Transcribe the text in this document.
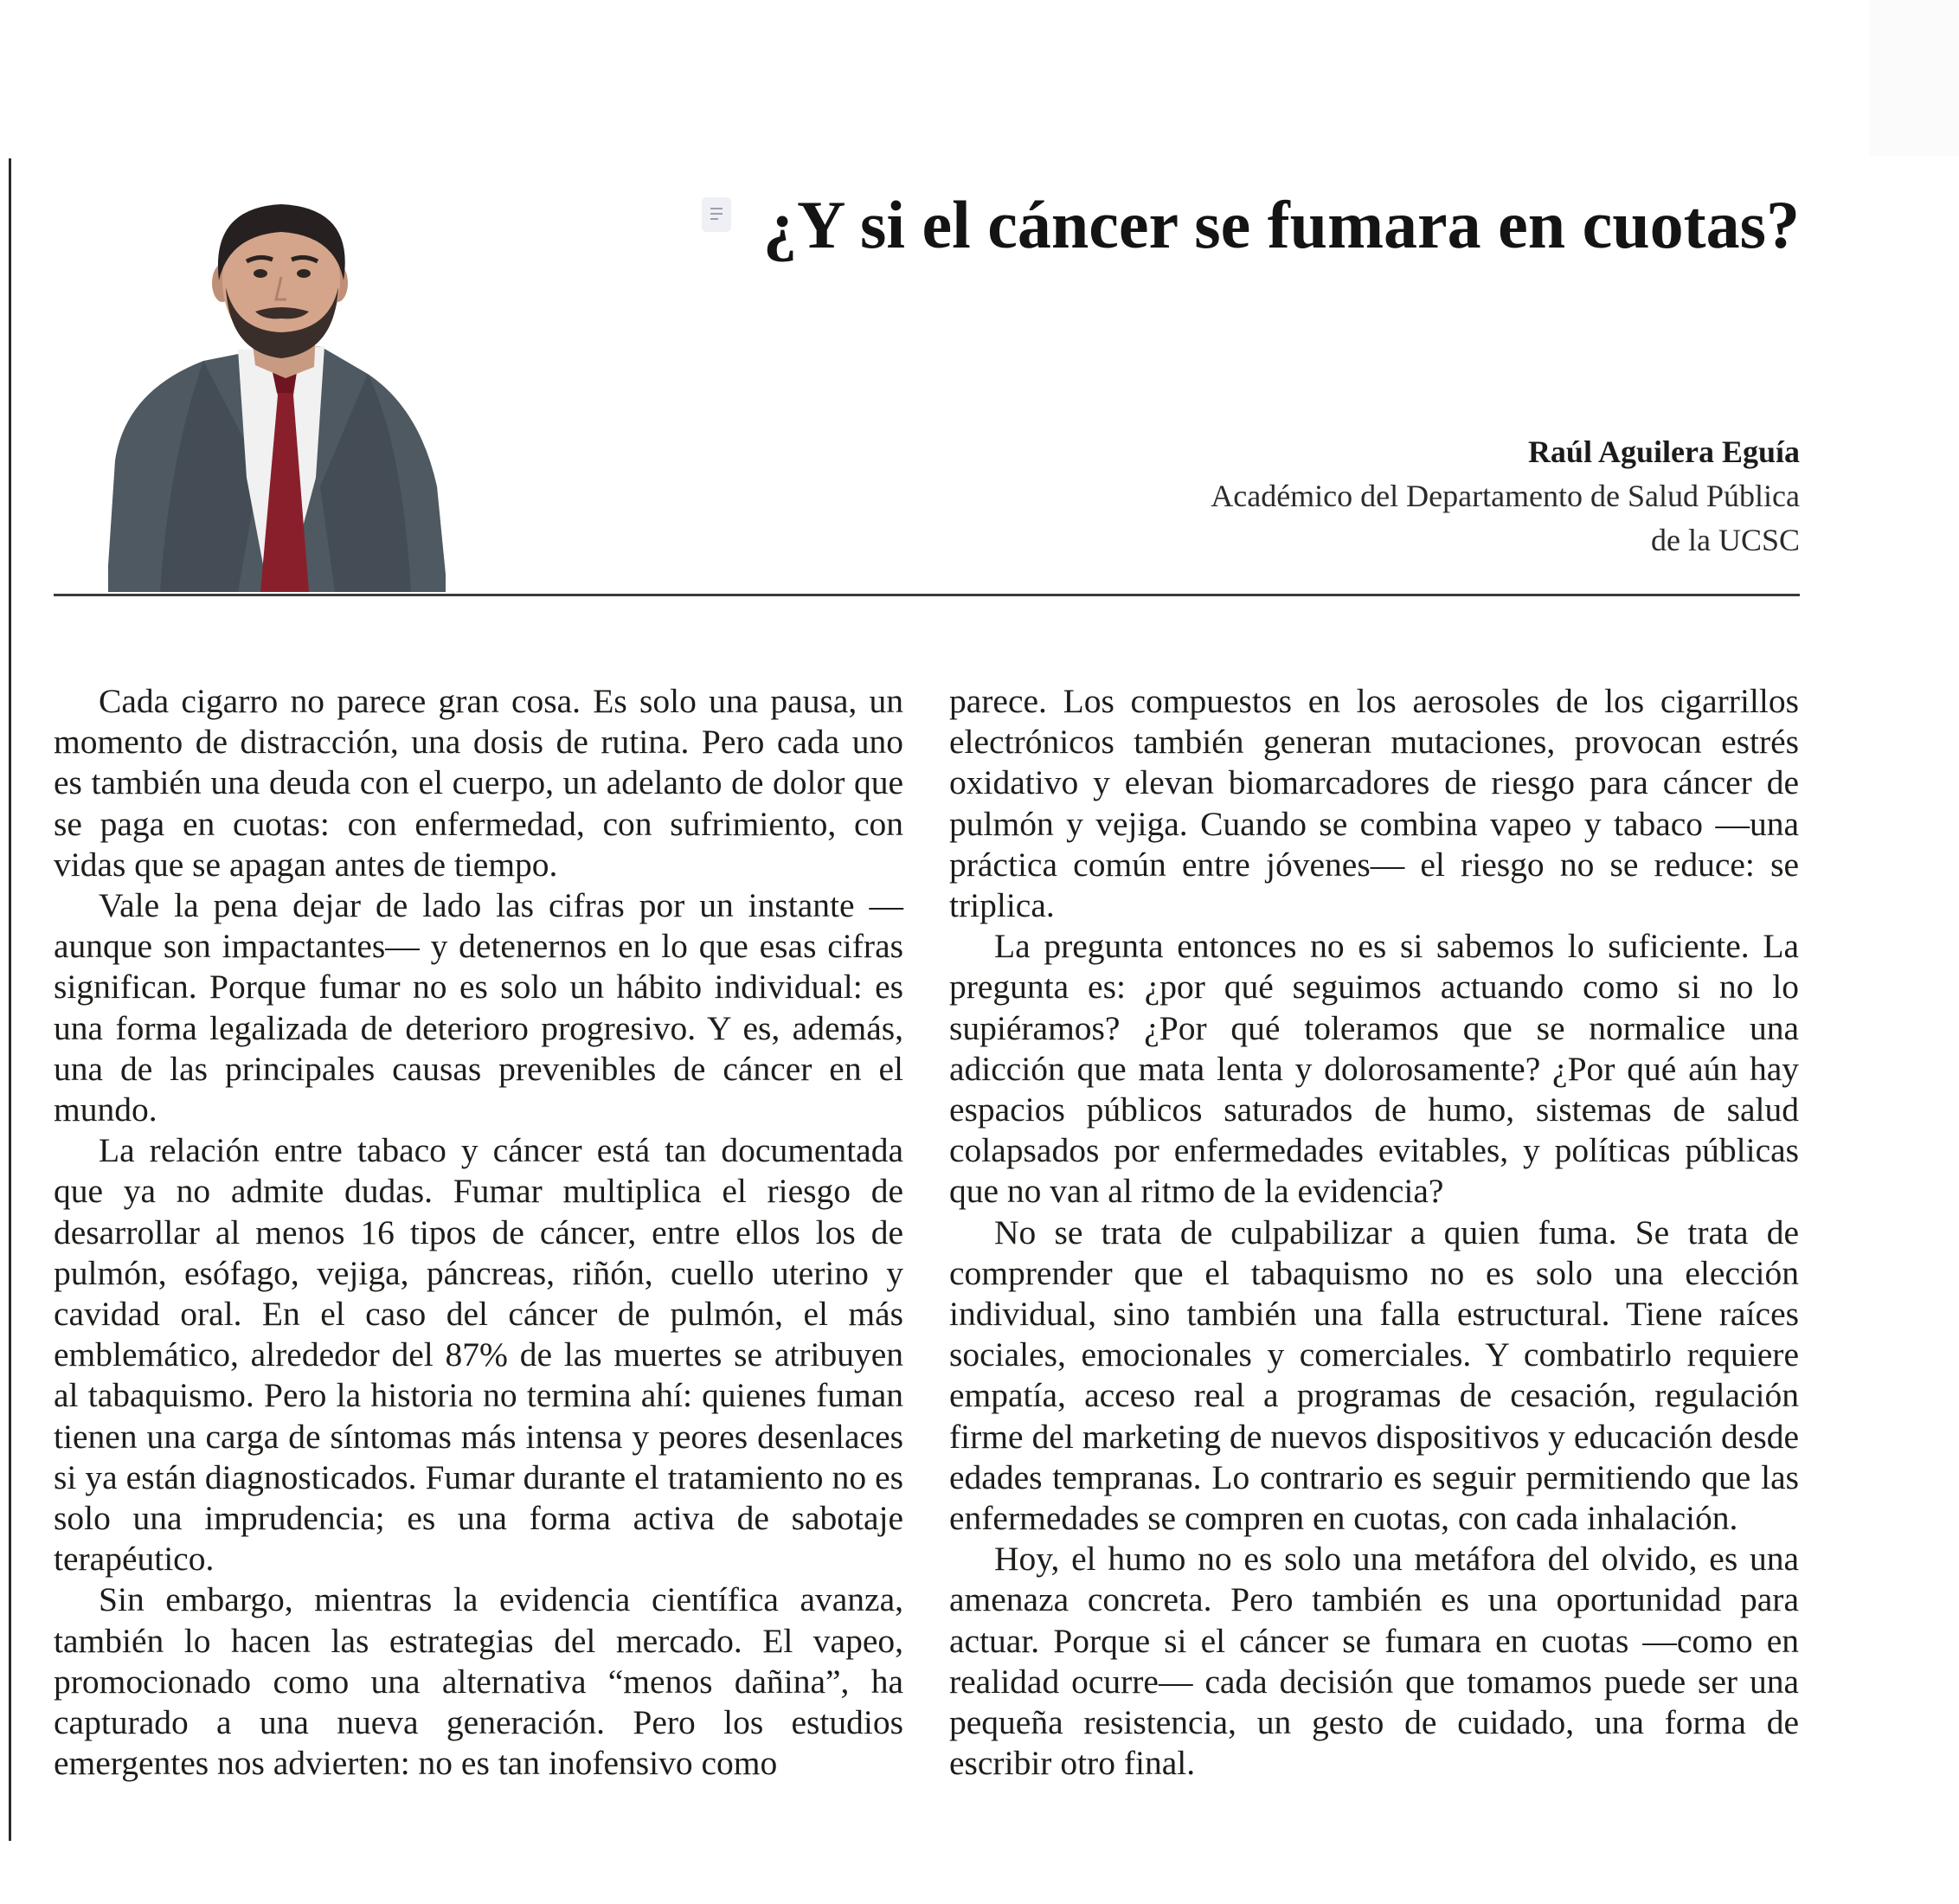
¿Y si el cáncer se fumara en cuotas?
Raúl Aguilera Eguía
Académico del Departamento de Salud Pública
de la UCSC

Cada cigarro no parece gran cosa. Es solo una pausa, un momento de distracción, una dosis de rutina. Pero cada uno es también una deuda con el cuerpo, un adelanto de dolor que se paga en cuotas: con enfermedad, con sufrimiento, con vidas que se apagan antes de tiempo.

Vale la pena dejar de lado las cifras por un instante —aunque son impactantes— y detenernos en lo que esas cifras significan. Porque fumar no es solo un hábito individual: es una forma legalizada de deterioro progresivo. Y es, además, una de las principales causas prevenibles de cáncer en el mundo.

La relación entre tabaco y cáncer está tan documentada que ya no admite dudas. Fumar multiplica el riesgo de desarrollar al menos 16 tipos de cáncer, entre ellos los de pulmón, esófago, vejiga, páncreas, riñón, cuello uterino y cavidad oral. En el caso del cáncer de pulmón, el más emblemático, alrededor del 87% de las muertes se atribuyen al tabaquismo. Pero la historia no termina ahí: quienes fuman tienen una carga de síntomas más intensa y peores desenlaces si ya están diagnosticados. Fumar durante el tratamiento no es solo una imprudencia; es una forma activa de sabotaje terapéutico.

Sin embargo, mientras la evidencia científica avanza, también lo hacen las estrategias del mercado. El vapeo, promocionado como una alternativa “menos dañina”, ha capturado a una nueva generación. Pero los estudios emergentes nos advierten: no es tan inofensivo como

parece. Los compuestos en los aerosoles de los cigarrillos electrónicos también generan mutaciones, provocan estrés oxidativo y elevan biomarcadores de riesgo para cáncer de pulmón y vejiga. Cuando se combina vapeo y tabaco —una práctica común entre jóvenes— el riesgo no se reduce: se triplica.

La pregunta entonces no es si sabemos lo suficiente. La pregunta es: ¿por qué seguimos actuando como si no lo supiéramos? ¿Por qué toleramos que se normalice una adicción que mata lenta y dolorosamente? ¿Por qué aún hay espacios públicos saturados de humo, sistemas de salud colapsados por enfermedades evitables, y políticas públicas que no van al ritmo de la evidencia?

No se trata de culpabilizar a quien fuma. Se trata de comprender que el tabaquismo no es solo una elección individual, sino también una falla estructural. Tiene raíces sociales, emocionales y comerciales. Y combatirlo requiere empatía, acceso real a programas de cesación, regulación firme del marketing de nuevos dispositivos y educación desde edades tempranas. Lo contrario es seguir permitiendo que las enfermedades se compren en cuotas, con cada inhalación.

Hoy, el humo no es solo una metáfora del olvido, es una amenaza concreta. Pero también es una oportunidad para actuar. Porque si el cáncer se fumara en cuotas —como en realidad ocurre— cada decisión que tomamos puede ser una pequeña resistencia, un gesto de cuidado, una forma de escribir otro final.
